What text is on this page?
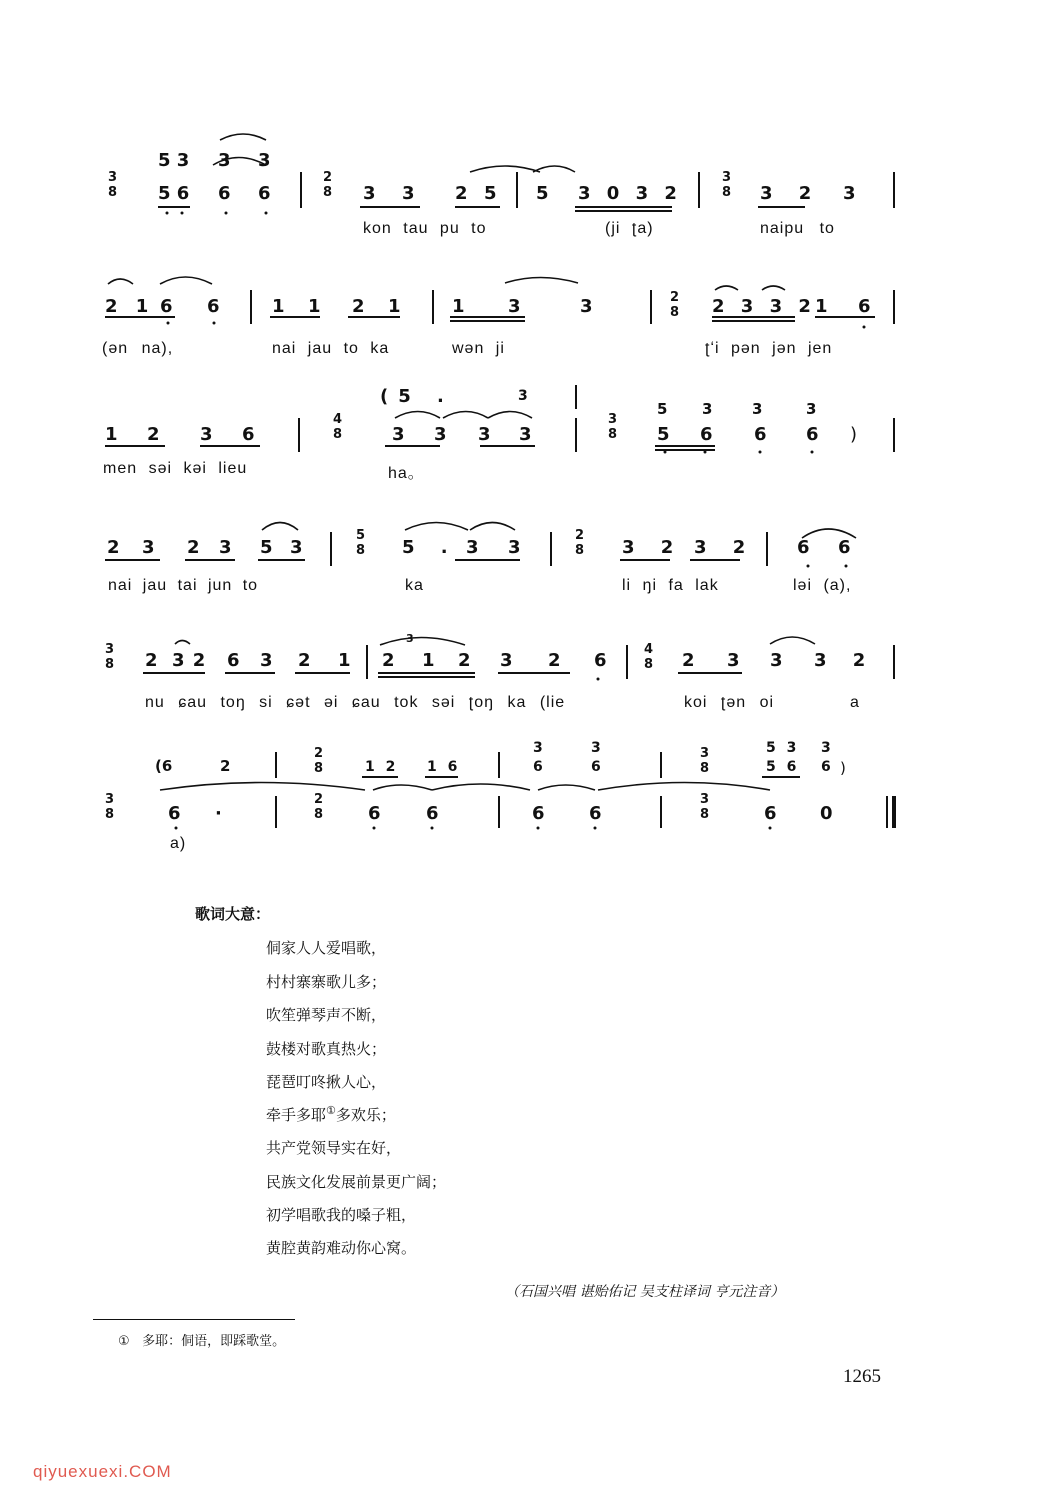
3
8
5 3 3 3
5 6 6 6
2
8 3 3 2 5 5 3 0 3 2
3
8 3 2 3
kon tau pu to	(ji ʈa)	naipu to
2 1 6 6	1 1 2 1	1 3	3	2
8 2 3 3 2 1 6
(ən na),	nai jau to ka	wən ji	ʈʻi pən jən jen
1 2 3 6
4
8
(5 .	3
3 3 3 3
3
8
5 3	3	3
5 6 6 6 )
men səi kəi lieu	ha。
2 3 2 3 5 3
5
8 5 . 3 3
2
8 3 2 3 2 6 6
nai jau tai jun to	ka	li ŋi fa lak	ləi (a),
3
8 2 3 2 6 3 2 1 2 1 2 3 2 6
4
8 2 3 3 3 2
3
nu ɕau toŋ si ɕət əi ɕau tok səi ʈoŋ ka (lie	koi ʈən oi	a
3
8
(6	2
2
8	1 2 1 6
3	3
6	6
5 3 3
5 6 6 )
3
8
2
8
3
8
6 ·	6	6	6 6	6 0
a)
歌词大意：
侗家人人爱唱歌，
村村寨寨歌儿多；
吹笙弹琴声不断，
鼓楼对歌真热火；
琵琶叮咚揪人心，
牵手多耶①多欢乐；
共产党领导实在好，
民族文化发展前景更广阔；
初学唱歌我的嗓子粗，
黄腔黄韵难动你心窝。
（石国兴唱 谌贻佑记 吴支柱译词 亨元注音）
① 多耶：侗语，即踩歌堂。
1265
qiyuexuexi.COM
